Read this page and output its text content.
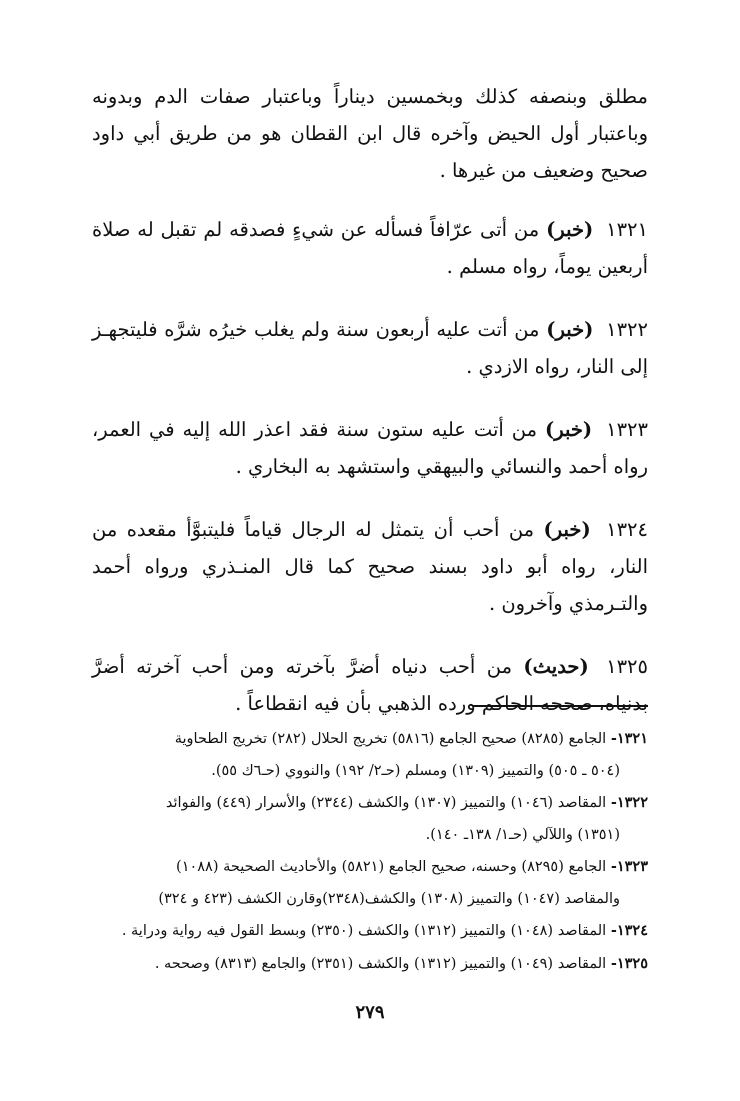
مطلق وبنصفه كذلك وبخمسين ديناراً وباعتبار صفات الدم وبدونه وباعتبار أول الحيض وآخره قال ابن القطان هو من طريق أبي داود صحيح وضعيف من غيرها .

١٣٢١ (خبر) من أتى عرّافاً فسأله عن شيءٍ فصدقه لم تقبل له صلاة أربعين يوماً، رواه مسلم .

١٣٢٢ (خبر) من أتت عليه أربعون سنة ولم يغلب خيرُه شرَّه فليتجهـز إلى النار، رواه الازدي .

١٣٢٣ (خبر) من أتت عليه ستون سنة فقد اعذر الله إليه في العمر، رواه أحمد والنسائي والبيهقي واستشهد به البخاري .

١٣٢٤ (خبر) من أحب أن يتمثل له الرجال قياماً فليتبوَّأ مقعده من النار، رواه أبو داود بسند صحيح كما قال المنـذري ورواه أحمد والتـرمذي وآخرون .

١٣٢٥ (حديث) من أحب دنياه أضرَّ بآخرته ومن أحب آخرته أضرَّ بدنياه، صححه الحاكم ورده الذهبي بأن فيه انقطاعاً .

١٣٢١- الجامع (٨٢٨٥) صحيح الجامع (٥٨١٦) تخريج الحلال (٢٨٢) تخريج الطحاوية

(٥٠٤ ـ ٥٠٥) والتمييز (١٣٠٩) ومسلم (حـ٢/ ١٩٢) والنووي (حـ٦ك ٥٥).

١٣٢٢- المقاصد (١٠٤٦) والتمييز (١٣٠٧) والكشف (٢٣٤٤) والأسرار (٤٤٩) والفوائد

(١٣٥١) واللآلي (حـ١/ ١٣٨ـ ١٤٠).

١٣٢٣- الجامع (٨٢٩٥) وحسنه، صحيح الجامع (٥٨٢١) والأحاديث الصحيحة (١٠٨٨)

والمقاصد (١٠٤٧) والتمييز (١٣٠٨) والكشف(٢٣٤٨)وقارن الكشف (٤٢٣ و ٣٢٤)

١٣٢٤- المقاصد (١٠٤٨) والتمييز (١٣١٢) والكشف (٢٣٥٠) وبسط القول فيه رواية ودراية .

١٣٢٥- المقاصد (١٠٤٩) والتمييز (١٣١٢) والكشف (٢٣٥١) والجامع (٨٣١٣) وصححه .

٢٧٩
